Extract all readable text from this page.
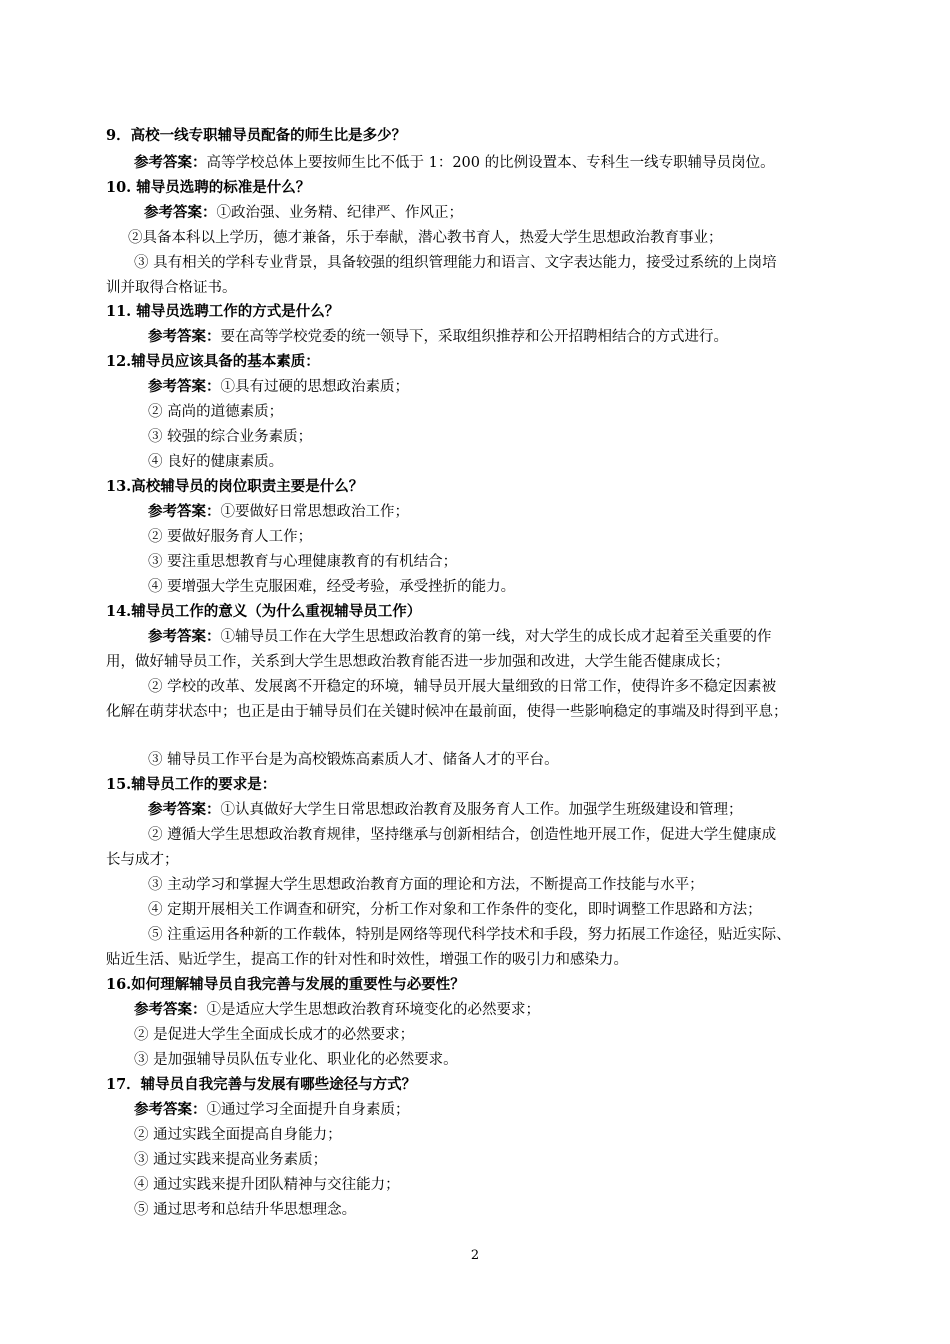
9．高校一线专职辅导员配备的师生比是多少？
参考答案：高等学校总体上要按师生比不低于 1：200 的比例设置本、专科生一线专职辅导员岗位。
10. 辅导员选聘的标准是什么？
参考答案：①政治强、业务精、纪律严、作风正；
②具备本科以上学历，德才兼备，乐于奉献，潜心教书育人，热爱大学生思想政治教育事业；
③ 具有相关的学科专业背景，具备较强的组织管理能力和语言、文字表达能力，接受过系统的上岗培
训并取得合格证书。
11. 辅导员选聘工作的方式是什么？
参考答案：要在高等学校党委的统一领导下，采取组织推荐和公开招聘相结合的方式进行。
12.辅导员应该具备的基本素质：
参考答案：①具有过硬的思想政治素质；
② 高尚的道德素质；
③ 较强的综合业务素质；
④ 良好的健康素质。
13.高校辅导员的岗位职责主要是什么？
参考答案：①要做好日常思想政治工作；
② 要做好服务育人工作；
③ 要注重思想教育与心理健康教育的有机结合；
④ 要增强大学生克服困难，经受考验，承受挫折的能力。
14.辅导员工作的意义（为什么重视辅导员工作）
参考答案：①辅导员工作在大学生思想政治教育的第一线，对大学生的成长成才起着至关重要的作
用，做好辅导员工作，关系到大学生思想政治教育能否进一步加强和改进，大学生能否健康成长；
② 学校的改革、发展离不开稳定的环境，辅导员开展大量细致的日常工作，使得许多不稳定因素被
化解在萌芽状态中；也正是由于辅导员们在关键时候冲在最前面，使得一些影响稳定的事端及时得到平息；
③ 辅导员工作平台是为高校锻炼高素质人才、储备人才的平台。
15.辅导员工作的要求是：
参考答案：①认真做好大学生日常思想政治教育及服务育人工作。加强学生班级建设和管理；
② 遵循大学生思想政治教育规律，坚持继承与创新相结合，创造性地开展工作，促进大学生健康成
长与成才；
③ 主动学习和掌握大学生思想政治教育方面的理论和方法，不断提高工作技能与水平；
④ 定期开展相关工作调查和研究，分析工作对象和工作条件的变化，即时调整工作思路和方法；
⑤ 注重运用各种新的工作载体，特别是网络等现代科学技术和手段，努力拓展工作途径，贴近实际、
贴近生活、贴近学生，提高工作的针对性和时效性，增强工作的吸引力和感染力。
16.如何理解辅导员自我完善与发展的重要性与必要性？
参考答案：①是适应大学生思想政治教育环境变化的必然要求；
② 是促进大学生全面成长成才的必然要求；
③ 是加强辅导员队伍专业化、职业化的必然要求。
17．辅导员自我完善与发展有哪些途径与方式？
参考答案：①通过学习全面提升自身素质；
② 通过实践全面提高自身能力；
③ 通过实践来提高业务素质；
④ 通过实践来提升团队精神与交往能力；
⑤ 通过思考和总结升华思想理念。
2
